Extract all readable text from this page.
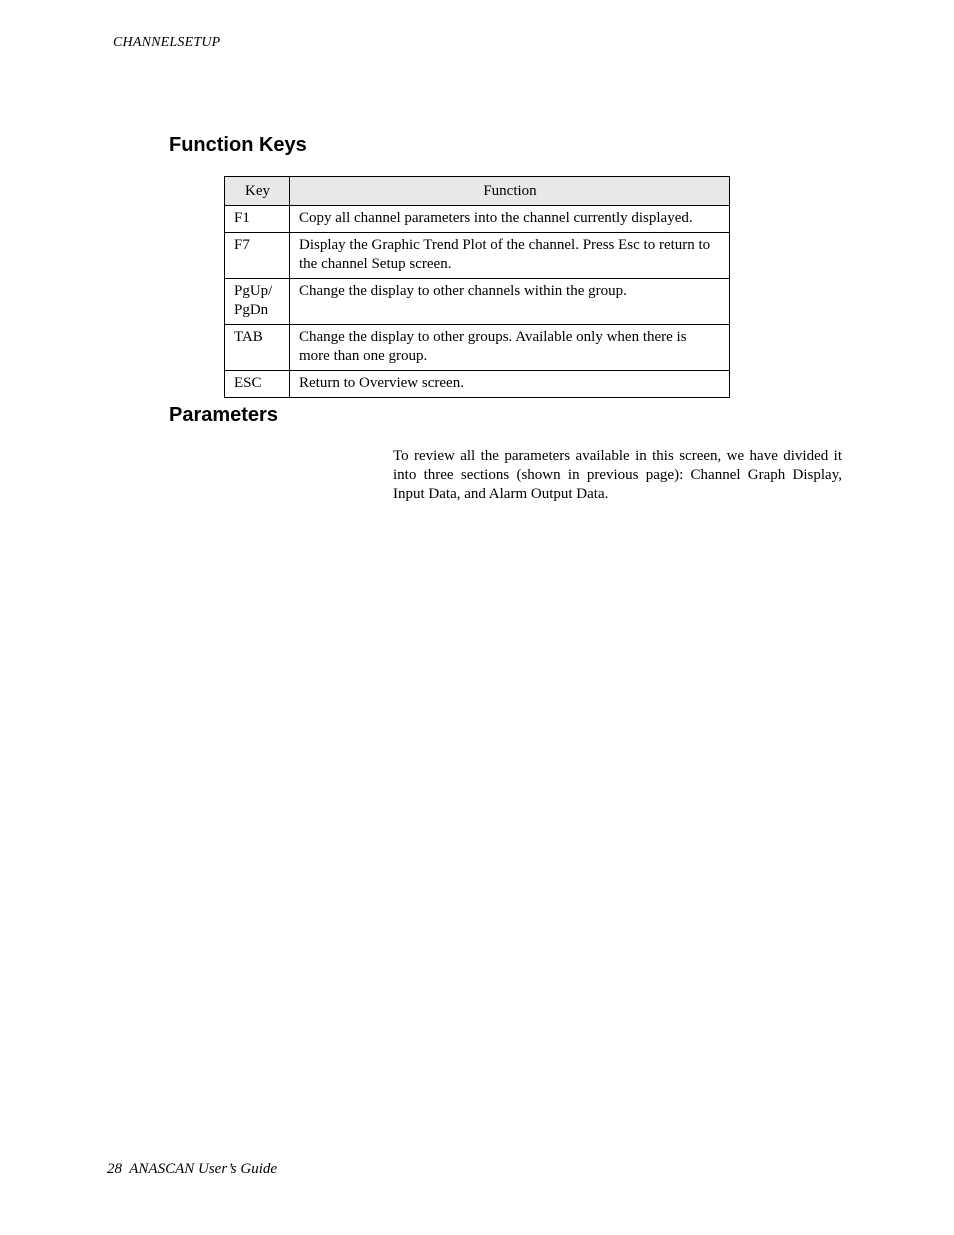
CHANNELSETUP
Function Keys
Key	Function
F1	Copy all channel parameters into the channel currently displayed.
F7	Display the Graphic Trend Plot of the channel. Press Esc to return to the channel Setup screen.
PgUp/ PgDn	Change the display to other channels within the group.
TAB	Change the display to other groups. Available only when there is more than one group.
ESC	Return to Overview screen.
Parameters

To review all the parameters available in this screen, we have divided it into three sections (shown in previous page): Channel Graph Display, Input Data, and Alarm Output Data.

28 ANASCAN User’s Guide
